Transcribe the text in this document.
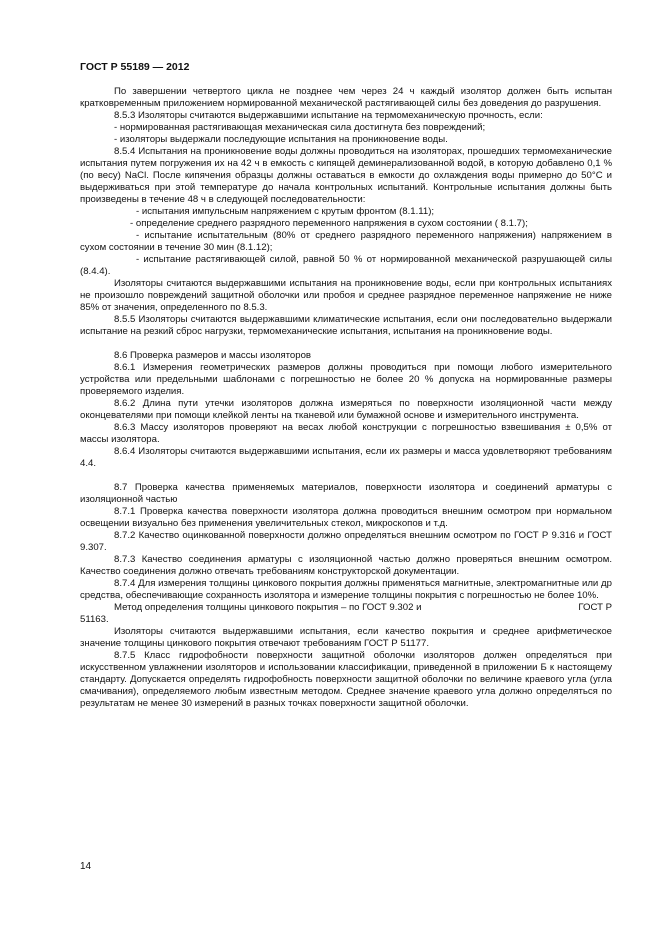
ГОСТ Р 55189 — 2012

По завершении четвертого цикла не позднее чем через 24 ч каждый изолятор должен быть испытан кратковременным приложением нормированной механической растягивающей силы без доведения до разрушения.

8.5.3 Изоляторы считаются выдержавшими испытание на термомеханическую прочность, если:

- нормированная растягивающая механическая сила достигнута без повреждений;

- изоляторы выдержали последующие испытания на проникновение воды.

8.5.4 Испытания на проникновение воды должны проводиться на изоляторах, прошедших термомеханические испытания путем погружения их на 42 ч в емкость с кипящей деминерализованной водой, в которую добавлено 0,1 % (по весу) NaCl. После кипячения образцы должны оставаться в емкости до охлаждения воды примерно до 50°С и выдерживаться при этой температуре до начала контрольных испытаний. Контрольные испытания должны быть произведены в течение 48 ч в следующей последовательности:

- испытания импульсным напряжением с крутым фронтом (8.1.11);

- определение среднего разрядного переменного напряжения в сухом состоянии ( 8.1.7);

- испытание испытательным (80% от среднего разрядного переменного напряжения) напряжением в сухом состоянии в течение 30 мин (8.1.12);

- испытание растягивающей силой, равной 50 % от нормированной механической разрушающей силы (8.4.4).

Изоляторы считаются выдержавшими испытания на проникновение воды, если при контрольных испытаниях не произошло повреждений защитной оболочки или пробоя и среднее разрядное переменное напряжение не ниже 85% от значения, определенного по 8.5.3.

8.5.5 Изоляторы считаются выдержавшими климатические испытания, если они последовательно выдержали испытание на резкий сброс нагрузки, термомеханические испытания, испытания на проникновение воды.

8.6 Проверка размеров и массы изоляторов

8.6.1 Измерения геометрических размеров должны проводиться при помощи любого измерительного устройства или предельными шаблонами с погрешностью не более 20 % допуска на нормированные размеры проверяемого изделия.

8.6.2 Длина пути утечки изоляторов должна измеряться по поверхности изоляционной части между оконцевателями при помощи клейкой ленты на тканевой или бумажной основе и измерительного инструмента.

8.6.3 Массу изоляторов проверяют на весах любой конструкции с погрешностью взвешивания ± 0,5% от массы изолятора.

8.6.4 Изоляторы считаются выдержавшими испытания, если их размеры и масса удовлетворяют требованиям 4.4.

8.7 Проверка качества применяемых материалов, поверхности изолятора и соединений арматуры с изоляционной частью

8.7.1 Проверка качества поверхности изолятора должна проводиться внешним осмотром при нормальном освещении визуально без применения увеличительных стекол, микроскопов и т.д.

8.7.2 Качество оцинкованной поверхности должно определяться внешним осмотром по ГОСТ Р 9.316 и ГОСТ 9.307.

8.7.3 Качество соединения арматуры с изоляционной частью должно проверяться внешним осмотром. Качество соединения должно отвечать требованиям конструкторской документации.

8.7.4 Для измерения толщины цинкового покрытия должны применяться магнитные, электромагнитные или др средства, обеспечивающие сохранность изолятора и измерение толщины покрытия с погрешностью не более 10%.

Метод определения толщины цинкового покрытия – по ГОСТ 9.302 и	ГОСТ Р

51163.

Изоляторы считаются выдержавшими испытания, если качество покрытия и среднее арифметическое значение толщины цинкового покрытия отвечают требованиям ГОСТ Р 51177.

8.7.5 Класс гидрофобности поверхности защитной оболочки изоляторов должен определяться при искусственном увлажнении изоляторов и использовании классификации, приведенной в приложении Б к настоящему стандарту. Допускается определять гидрофобность поверхности защитной оболочки по величине краевого угла (угла смачивания), определяемого любым известным методом. Среднее значение краевого угла должно определяться по результатам не менее 30 измерений в разных точках поверхности защитной оболочки.

14
